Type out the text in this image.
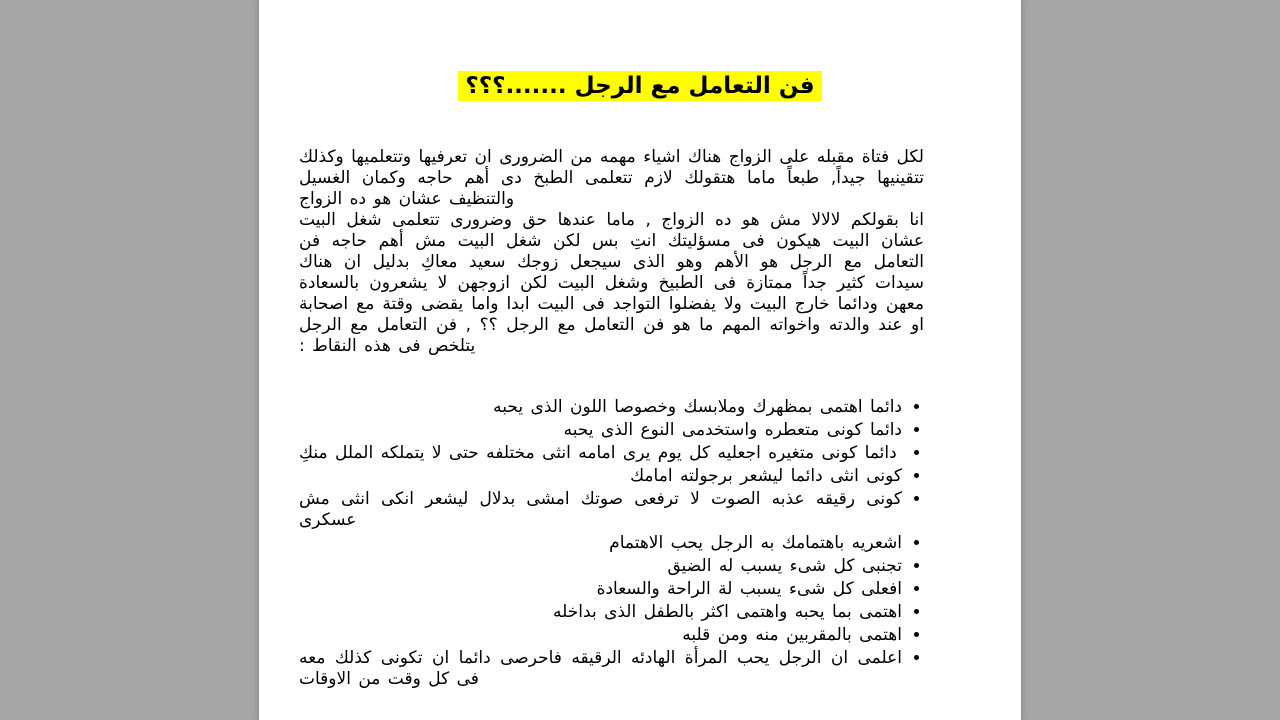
فن التعامل مع الرجل .......؟؟؟

لكل فتاة مقبله على الزواج هناك اشياء مهمه من الضرورى ان تعرفيها وتتعلميها وكذلك تتقينيها جيداً, طبعاً ماما هتقولك لازم تتعلمى الطبخ دى أهم حاجه وكمان الغسيل والتنظيف عشان هو ده الزواج

انا بقولكم لالالا مش هو ده الزواج , ماما عندها حق وضرورى تتعلمى شغل البيت عشان البيت هيكون فى مسؤليتك انتِ بس لكن شغل البيت مش أهم حاجه فن التعامل مع الرجل هو الأهم وهو الذى سيجعل زوجك سعيد معاكِ بدليل ان هناك سيدات كثير جداً ممتازة فى الطبيخ وشغل البيت لكن ازوجهن لا يشعرون بالسعادة معهن ودائما خارج البيت ولا يفضلوا التواجد فى البيت ابدا واما يقضى وقتة مع اصحابة او عند والدته واخواته المهم ما هو فن التعامل مع الرجل ؟؟ , فن التعامل مع الرجل يتلخص فى هذه النقاط :

• دائما اهتمى بمظهرك وملابسك وخصوصا اللون الذى يحبه
• دائما كونى متعطره واستخدمى النوع الذى يحبه
• دائما كونى متغيره اجعليه كل يوم يرى امامه انثى مختلفه حتى لا يتملكه الملل منكِ
• كونى انثى دائما ليشعر برجولته امامك
• كونى رقيقه عذبه الصوت لا ترفعى صوتك امشى بدلال ليشعر انكى انثى مش عسكرى
• اشعريه باهتمامك به الرجل يحب الاهتمام
• تجنبى كل شىء يسبب له الضيق
• افعلى كل شىء يسبب لة الراحة والسعادة
• اهتمى بما يحبه واهتمى اكثر بالطفل الذى بداخله
• اهتمى بالمقربين منه ومن قلبه
• اعلمى ان الرجل يحب المرأة الهادئه الرقيقه فاحرصى دائما ان تكونى كذلك معه فى كل وقت من الاوقات
